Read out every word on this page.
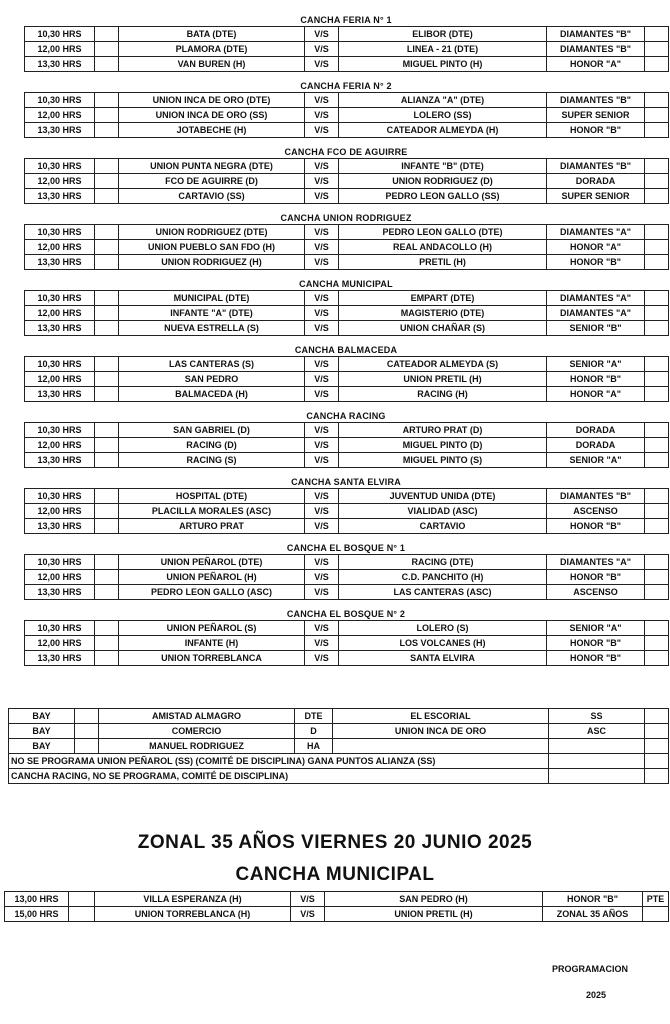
CANCHA FERIA N° 1
10,30 HRS		BATA (DTE)	V/S	ELIBOR (DTE)	DIAMANTES "B"	
12,00 HRS		PLAMORA (DTE)	V/S	LINEA - 21 (DTE)	DIAMANTES "B"	
13,30 HRS		VAN BUREN (H)	V/S	MIGUEL PINTO (H)	HONOR "A"	
CANCHA FERIA N° 2
10,30 HRS		UNION INCA DE ORO (DTE)	V/S	ALIANZA "A" (DTE)	DIAMANTES "B"	
12,00 HRS		UNION INCA DE ORO (SS)	V/S	LOLERO (SS)	SUPER SENIOR	
13,30 HRS		JOTABECHE (H)	V/S	CATEADOR ALMEYDA (H)	HONOR "B"	
CANCHA FCO DE AGUIRRE
10,30 HRS		UNION PUNTA NEGRA (DTE)	V/S	INFANTE "B" (DTE)	DIAMANTES "B"	
12,00 HRS		FCO DE AGUIRRE (D)	V/S	UNION RODRIGUEZ (D)	DORADA	
13,30 HRS		CARTAVIO (SS)	V/S	PEDRO LEON GALLO (SS)	SUPER SENIOR	
CANCHA UNION RODRIGUEZ
10,30 HRS		UNION RODRIGUEZ (DTE)	V/S	PEDRO LEON GALLO (DTE)	DIAMANTES "A"	
12,00 HRS		UNION PUEBLO SAN FDO (H)	V/S	REAL ANDACOLLO (H)	HONOR "A"	
13,30 HRS		UNION RODRIGUEZ (H)	V/S	PRETIL (H)	HONOR "B"	
CANCHA MUNICIPAL
10,30 HRS		MUNICIPAL (DTE)	V/S	EMPART (DTE)	DIAMANTES "A"	
12,00 HRS		INFANTE "A" (DTE)	V/S	MAGISTERIO (DTE)	DIAMANTES "A"	
13,30 HRS		NUEVA ESTRELLA (S)	V/S	UNION CHAÑAR (S)	SENIOR "B"	
CANCHA BALMACEDA
10,30 HRS		LAS CANTERAS (S)	V/S	CATEADOR ALMEYDA (S)	SENIOR "A"	
12,00 HRS		SAN PEDRO	V/S	UNION PRETIL (H)	HONOR "B"	
13,30 HRS		BALMACEDA (H)	V/S	RACING (H)	HONOR "A"	
CANCHA RACING
10,30 HRS		SAN GABRIEL (D)	V/S	ARTURO PRAT (D)	DORADA	
12,00 HRS		RACING (D)	V/S	MIGUEL PINTO (D)	DORADA	
13,30 HRS		RACING (S)	V/S	MIGUEL PINTO (S)	SENIOR "A"	
CANCHA SANTA ELVIRA
10,30 HRS		HOSPITAL (DTE)	V/S	JUVENTUD UNIDA (DTE)	DIAMANTES "B"	
12,00 HRS		PLACILLA MORALES (ASC)	V/S	VIALIDAD (ASC)	ASCENSO	
13,30 HRS		ARTURO PRAT	V/S	CARTAVIO	HONOR "B"	
CANCHA EL BOSQUE N° 1
10,30 HRS		UNION PEÑAROL (DTE)	V/S	RACING (DTE)	DIAMANTES "A"	
12,00 HRS		UNION PEÑAROL (H)	V/S	C.D. PANCHITO (H)	HONOR "B"	
13,30 HRS		PEDRO LEON GALLO (ASC)	V/S	LAS CANTERAS (ASC)	ASCENSO	
CANCHA EL BOSQUE N° 2
10,30 HRS		UNION PEÑAROL (S)	V/S	LOLERO (S)	SENIOR "A"	
12,00 HRS		INFANTE (H)	V/S	LOS VOLCANES (H)	HONOR "B"	
13,30 HRS		UNION TORREBLANCA	V/S	SANTA ELVIRA	HONOR "B"	
BAY		AMISTAD ALMAGRO	DTE	EL ESCORIAL	SS	
BAY		COMERCIO	D	UNION INCA DE ORO	ASC	
BAY		MANUEL RODRIGUEZ	HA			
NO SE PROGRAMA UNION PEÑAROL (SS) (COMITÉ DE DISCIPLINA) GANA PUNTOS ALIANZA (SS)						
CANCHA RACING, NO SE PROGRAMA, COMITÉ DE DISCIPLINA)						
ZONAL 35 AÑOS VIERNES 20 JUNIO 2025
CANCHA MUNICIPAL
13,00 HRS		VILLA ESPERANZA (H)	V/S	SAN PEDRO (H)	HONOR "B"	PTE
15,00 HRS		UNION TORREBLANCA (H)	V/S	UNION PRETIL (H)	ZONAL 35 AÑOS	
PROGRAMACION
2025
